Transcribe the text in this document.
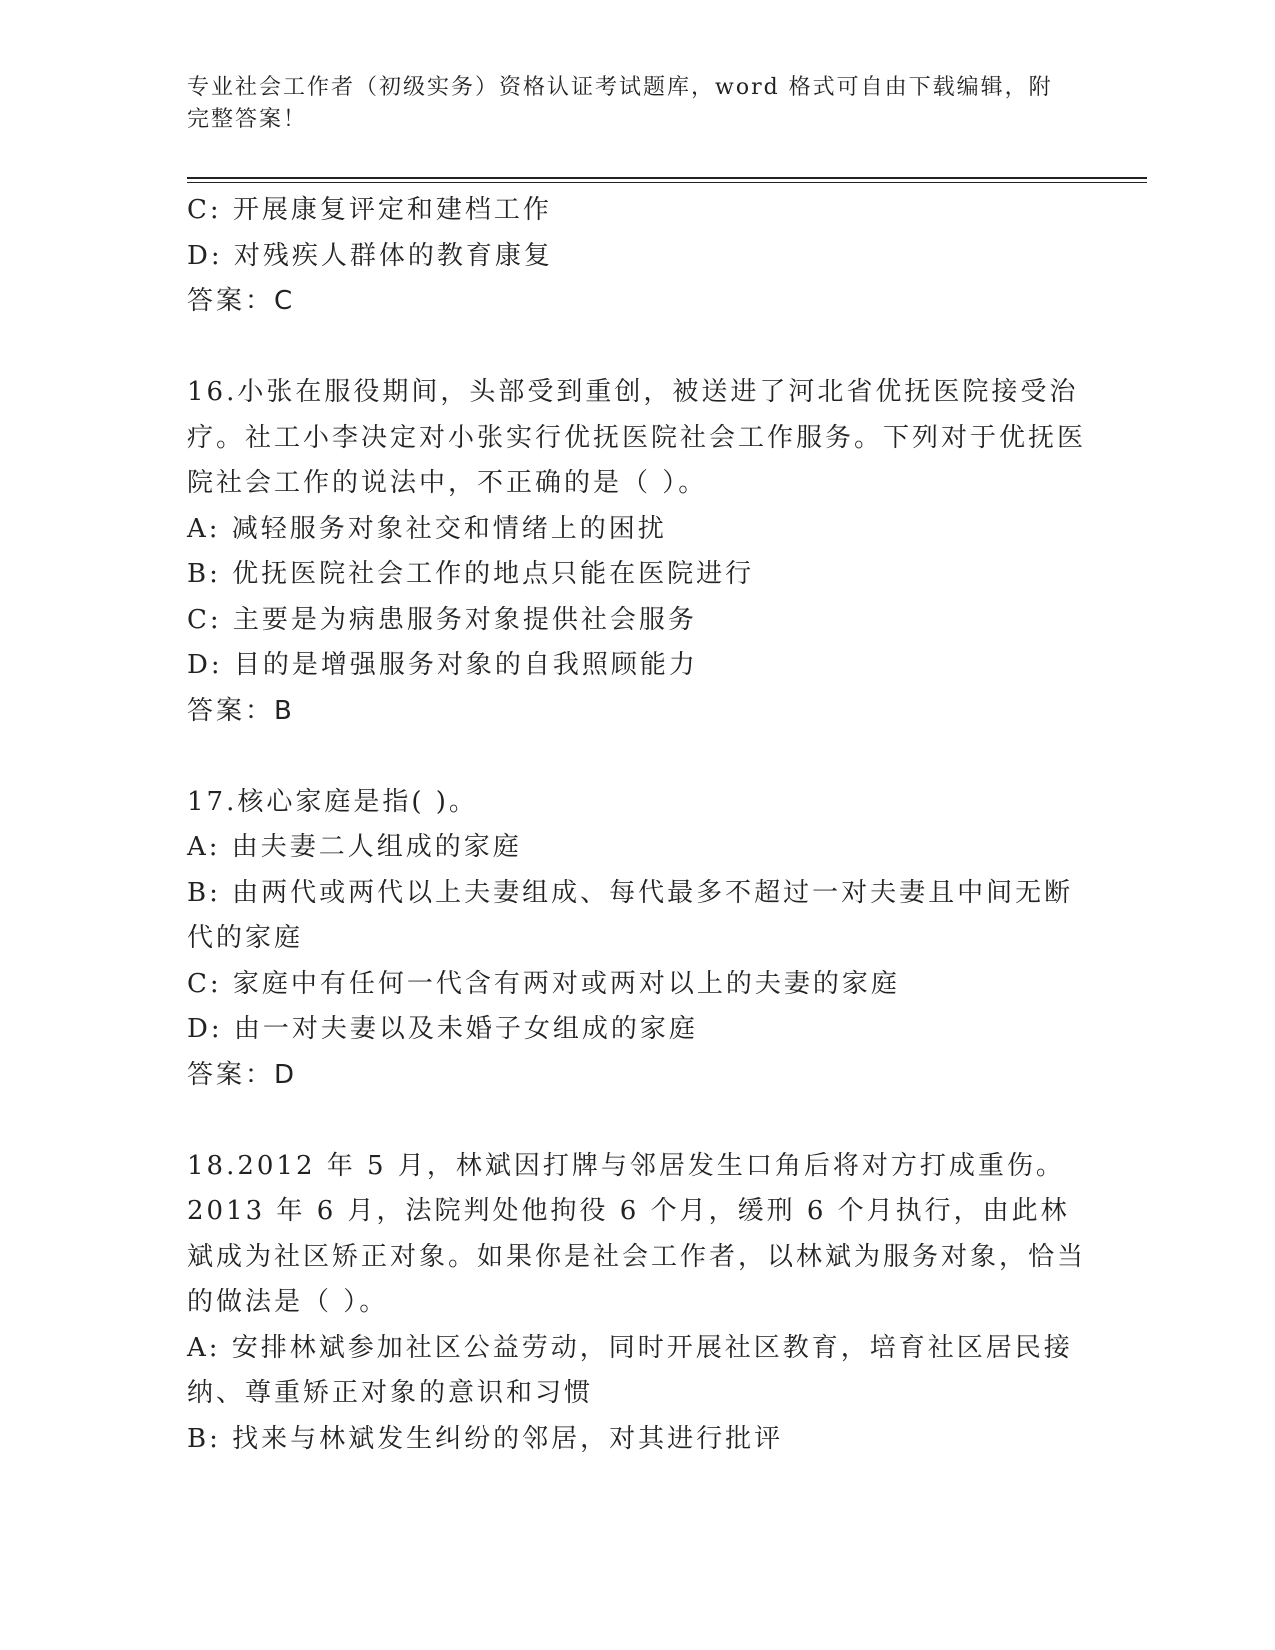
专业社会工作者（初级实务）资格认证考试题库，word 格式可自由下载编辑，附完整答案！

C: 开展康复评定和建档工作

D: 对残疾人群体的教育康复

答案：C

16.小张在服役期间，头部受到重创，被送进了河北省优抚医院接受治疗。社工小李决定对小张实行优抚医院社会工作服务。下列对于优抚医院社会工作的说法中，不正确的是（ ）。

A: 减轻服务对象社交和情绪上的困扰

B: 优抚医院社会工作的地点只能在医院进行

C: 主要是为病患服务对象提供社会服务

D: 目的是增强服务对象的自我照顾能力

答案：B

17.核心家庭是指( )。

A: 由夫妻二人组成的家庭

B: 由两代或两代以上夫妻组成、每代最多不超过一对夫妻且中间无断代的家庭

C: 家庭中有任何一代含有两对或两对以上的夫妻的家庭

D: 由一对夫妻以及未婚子女组成的家庭

答案：D

18.2012 年 5 月，林斌因打牌与邻居发生口角后将对方打成重伤。2013 年 6 月，法院判处他拘役 6 个月，缓刑 6 个月执行，由此林斌成为社区矫正对象。如果你是社会工作者，以林斌为服务对象，恰当的做法是（ ）。

A: 安排林斌参加社区公益劳动，同时开展社区教育，培育社区居民接纳、尊重矫正对象的意识和习惯

B: 找来与林斌发生纠纷的邻居，对其进行批评
